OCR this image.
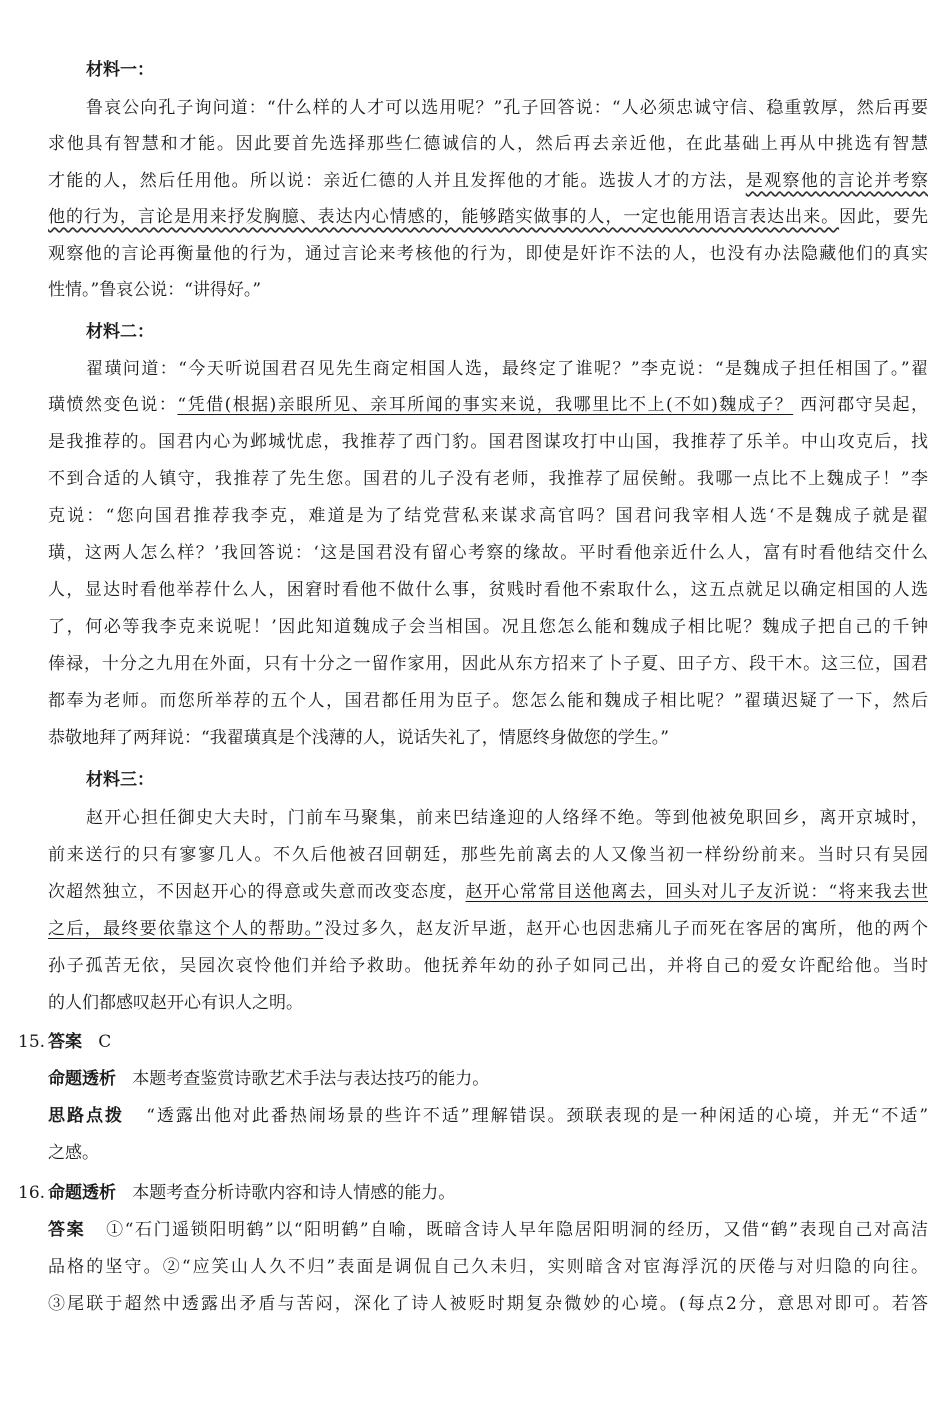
材料一：
鲁哀公向孔子询问道：“什么样的人才可以选用呢？”孔子回答说：“人必须忠诚守信、稳重敦厚，然后再要
求他具有智慧和才能。因此要首先选择那些仁德诚信的人，然后再去亲近他，在此基础上再从中挑选有智慧
才能的人，然后任用他。所以说：亲近仁德的人并且发挥他的才能。选拔人才的方法，是观察他的言论并考察
他的行为，言论是用来抒发胸臆、表达内心情感的，能够踏实做事的人，一定也能用语言表达出来。因此，要先
观察他的言论再衡量他的行为，通过言论来考核他的行为，即使是奸诈不法的人，也没有办法隐藏他们的真实
性情。”鲁哀公说：“讲得好。”
材料二：
翟璜问道：“今天听说国君召见先生商定相国人选，最终定了谁呢？”李克说：“是魏成子担任相国了。”翟
璜愤然变色说：“凭借(根据)亲眼所见、亲耳所闻的事实来说，我哪里比不上(不如)魏成子？ 西河郡守吴起，
是我推荐的。国君内心为邺城忧虑，我推荐了西门豹。国君图谋攻打中山国，我推荐了乐羊。中山攻克后，找
不到合适的人镇守，我推荐了先生您。国君的儿子没有老师，我推荐了屈侯鲋。我哪一点比不上魏成子！”李
克说：“您向国君推荐我李克，难道是为了结党营私来谋求高官吗？国君问我宰相人选‘不是魏成子就是翟
璜，这两人怎么样？’我回答说：‘这是国君没有留心考察的缘故。平时看他亲近什么人，富有时看他结交什么
人，显达时看他举荐什么人，困窘时看他不做什么事，贫贱时看他不索取什么，这五点就足以确定相国的人选
了，何必等我李克来说呢！’因此知道魏成子会当相国。况且您怎么能和魏成子相比呢？魏成子把自己的千钟
俸禄，十分之九用在外面，只有十分之一留作家用，因此从东方招来了卜子夏、田子方、段干木。这三位，国君
都奉为老师。而您所举荐的五个人，国君都任用为臣子。您怎么能和魏成子相比呢？”翟璜迟疑了一下，然后
恭敬地拜了两拜说：“我翟璜真是个浅薄的人，说话失礼了，情愿终身做您的学生。”
材料三：
赵开心担任御史大夫时，门前车马聚集，前来巴结逢迎的人络绎不绝。等到他被免职回乡，离开京城时，
前来送行的只有寥寥几人。不久后他被召回朝廷，那些先前离去的人又像当初一样纷纷前来。当时只有吴园
次超然独立，不因赵开心的得意或失意而改变态度，赵开心常常目送他离去，回头对儿子友沂说：“将来我去世
之后，最终要依靠这个人的帮助。”没过多久，赵友沂早逝，赵开心也因悲痛儿子而死在客居的寓所，他的两个
孙子孤苦无依，吴园次哀怜他们并给予救助。他抚养年幼的孙子如同己出，并将自己的爱女许配给他。当时
的人们都感叹赵开心有识人之明。
15. 答案 C
命题透析 本题考查鉴赏诗歌艺术手法与表达技巧的能力。
思路点拨 “透露出他对此番热闹场景的些许不适”理解错误。颈联表现的是一种闲适的心境，并无“不适”
之感。
16. 命题透析 本题考查分析诗歌内容和诗人情感的能力。
答案 ①“石门遥锁阳明鹤”以“阳明鹤”自喻，既暗含诗人早年隐居阳明洞的经历，又借“鹤”表现自己对高洁
品格的坚守。②“应笑山人久不归”表面是调侃自己久未归，实则暗含对宦海浮沉的厌倦与对归隐的向往。
③尾联于超然中透露出矛盾与苦闷，深化了诗人被贬时期复杂微妙的心境。(每点2分，意思对即可。若答
